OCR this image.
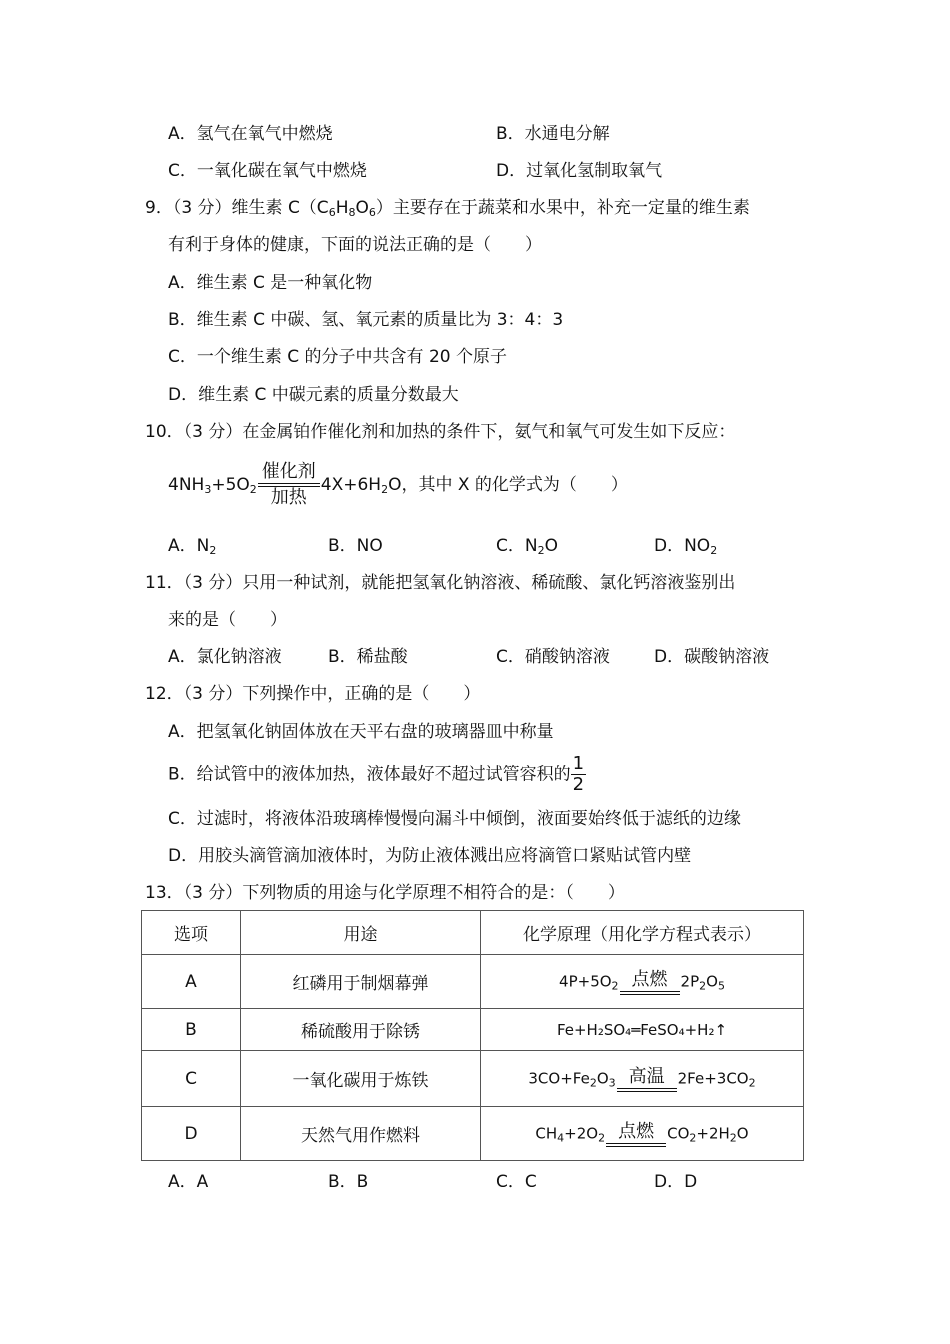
A．氢气在氧气中燃烧	B．水通电分解
C．一氧化碳在氧气中燃烧	D．过氧化氢制取氧气
9．（3 分）维生素 $C(C_6H_8O_6)$主要存在于蔬菜和水果中，补充一定量的维生素
有利于身体的健康，下面的说法正确的是（　　）
A．维生素 C 是一种氧化物
B．维生素 C 中碳、氢、氧元素的质量比为 3：4：3
C．一个维生素 C 的分子中共含有 20 个原子
D．维生素 C 中碳元素的质量分数最大
10．（3 分）在金属铂作催化剂和加热的条件下，氨气和氧气可发生如下反应：
$4NH_3+5O_2$
催化剂
加热
$4X+6H_2O$，其中 X 的化学式为（　　）
A．$N_2$	B．NO	C．$N_2O$	D．$NO_2$
11．（3 分）只用一种试剂，就能把氢氧化钠溶液、稀硫酸、氯化钙溶液鉴别出
来的是（　　）
A．氯化钠溶液	B．稀盐酸	C．硝酸钠溶液	D．碳酸钠溶液
12．（3 分）下列操作中，正确的是（　　）
A．把氢氧化钠固体放在天平右盘的玻璃器皿中称量
B．给试管中的液体加热，液体最好不超过试管容积的 $\frac{1}{2}$
C．过滤时，将液体沿玻璃棒慢慢向漏斗中倾倒，液面要始终低于滤纸的边缘
D．用胶头滴管滴加液体时，为防止液体溅出应将滴管口紧贴试管内壁
13．（3 分）下列物质的用途与化学原理不相符合的是：（　　）
选项	用途	化学原理（用化学方程式表示）
A	红磷用于制烟幕弹	$4P+5O_2$ 点燃 $2P_2O_5$
B	稀硫酸用于除锈	Fe+H₂SO₄═FeSO₄+H₂↑
C	一氧化碳用于炼铁	$3CO+Fe_2O_3$ 高温 $2Fe+3CO_2$
D	天然气用作燃料	$CH_4+2O_2$ 点燃 $CO_2+2H_2O$
A．A	B．B	C．C	D．D
